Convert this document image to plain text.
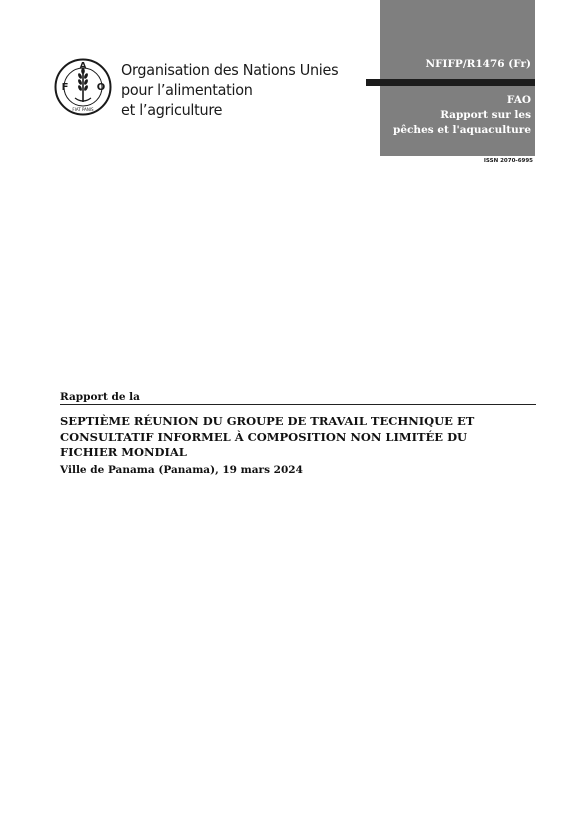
F	O
A
FIAT PANIS
Organisation des Nations Unies
pour l’alimentation
et l’agriculture
NFIFP/R1476 (Fr)
FAO
Rapport sur les
pêches et l'aquaculture
ISSN 2070-6995
Rapport de la
SEPTIÈME RÉUNION DU GROUPE DE TRAVAIL TECHNIQUE ET
CONSULTATIF INFORMEL À COMPOSITION NON LIMITÉE DU
FICHIER MONDIAL
Ville de Panama (Panama), 19 mars 2024
